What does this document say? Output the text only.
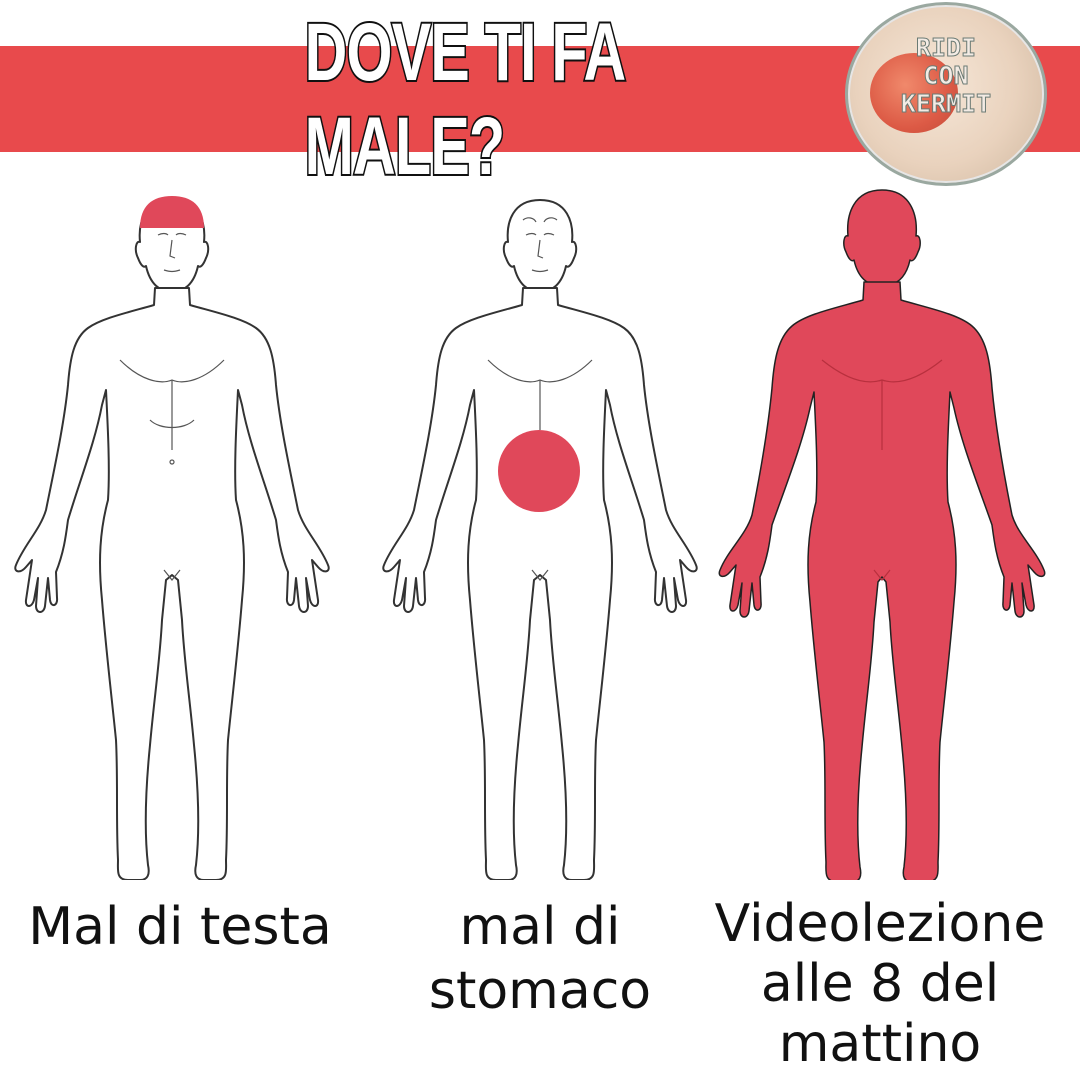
DOVE TI FA MALE?
RIDI
CON
KERMIT
Mal di testa	mal di
stomaco
Videolezione
alle 8 del
mattino
